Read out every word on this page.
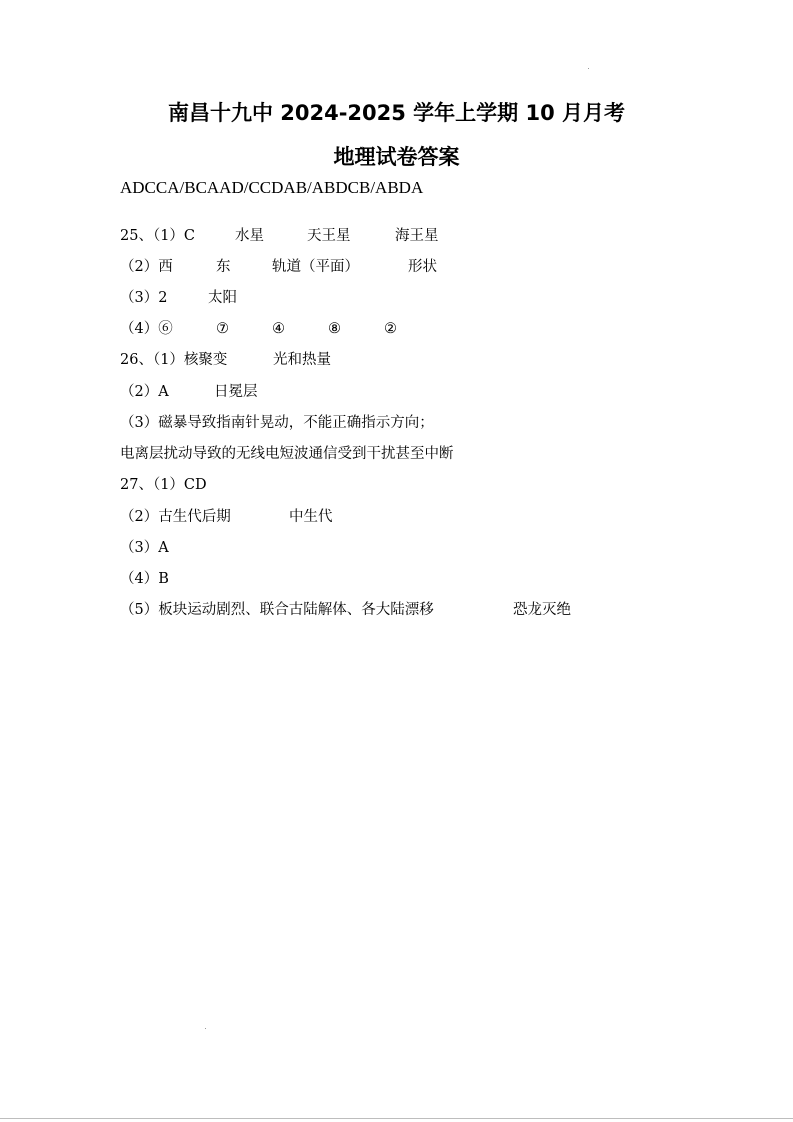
南昌十九中 2024-2025 学年上学期 10 月月考
地理试卷答案
ADCCA/BCAAD/CCDAB/ABDCB/ABDA
25、（1）C	水星	天王星	海王星
（2）西	东	轨道（平面）	形状
（3）2	太阳
（4）⑥	⑦	④	⑧	②
26、（1）核聚变	光和热量
（2）A	日冕层
（3）磁暴导致指南针晃动，不能正确指示方向；
电离层扰动导致的无线电短波通信受到干扰甚至中断
27、（1）CD
（2）古生代后期	中生代
（3）A
（4）B
（5）板块运动剧烈、联合古陆解体、各大陆漂移	恐龙灭绝
